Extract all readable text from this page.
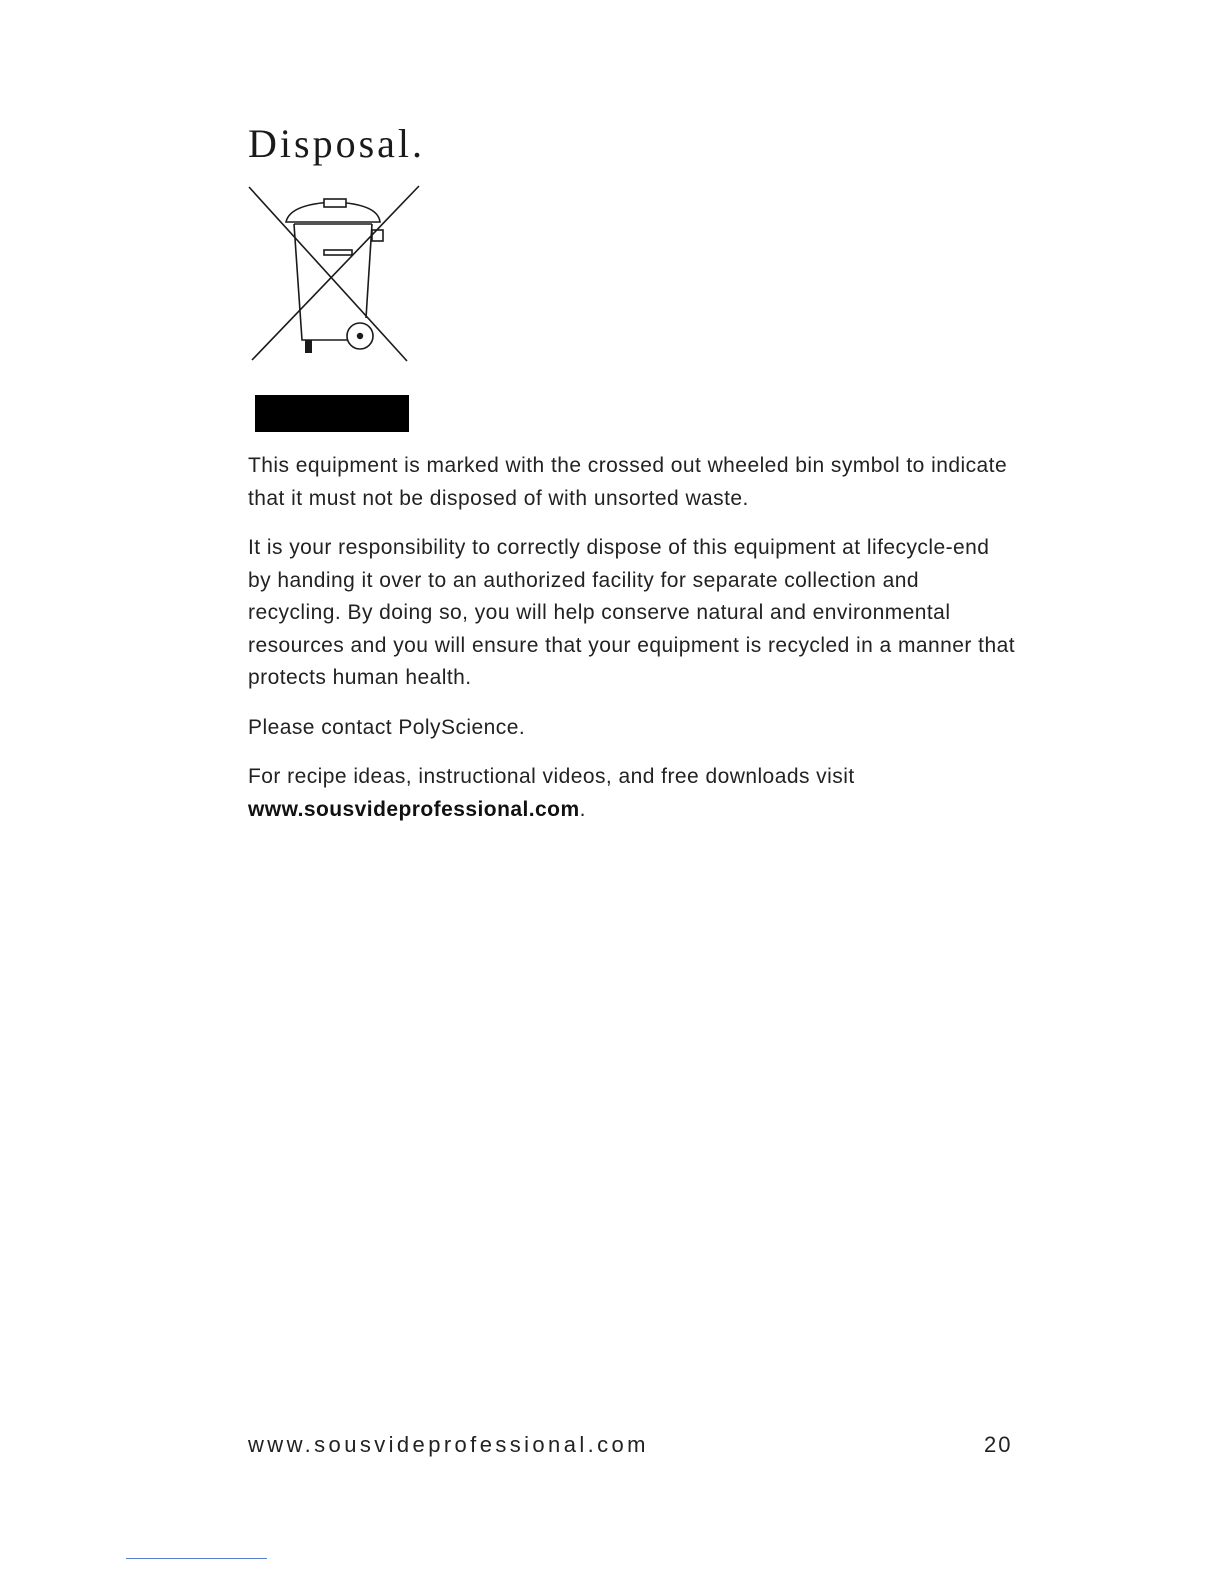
Disposal.

This equipment is marked with the crossed out wheeled bin symbol to indicate that it must not be disposed of with unsorted waste.

It is your responsibility to correctly dispose of this equipment at lifecycle-end by handing it over to an authorized facility for separate collection and recycling. By doing so, you will help conserve natural and environmental resources and you will ensure that your equipment is recycled in a manner that protects human health.

Please contact PolyScience.

For recipe ideas, instructional videos, and free downloads visit
www.sousvideprofessional.com.

www.sousvideprofessional.com	20
